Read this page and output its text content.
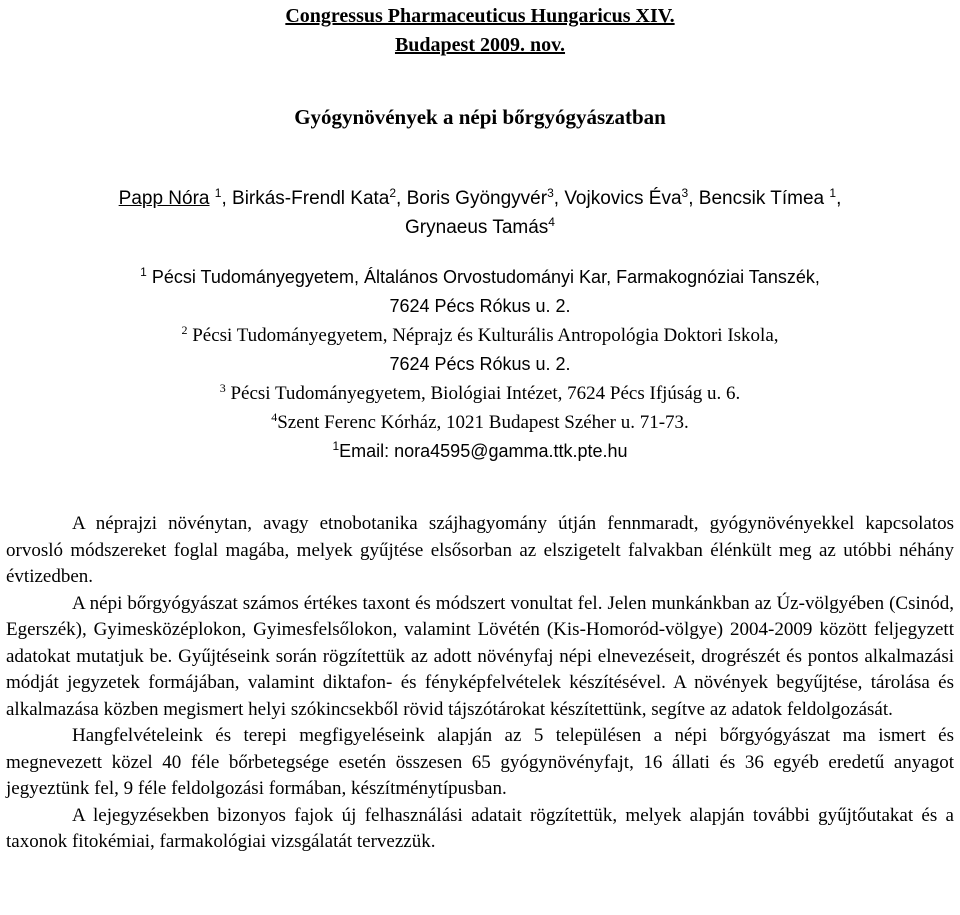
Congressus Pharmaceuticus Hungaricus XIV.
Budapest 2009. nov.
Gyógynövények a népi bőrgyógyászatban
Papp Nóra $^1$, Birkás-Frendl Kata$^2$, Boris Gyöngyvér$^3$, Vojkovics Éva$^3$, Bencsik Tímea $^1$,
Grynaeus Tamás$^4$
$^1$ Pécsi Tudományegyetem, Általános Orvostudományi Kar, Farmakognóziai Tanszék,
7624 Pécs Rókus u. 2.
$^2$ Pécsi Tudományegyetem, Néprajz és Kulturális Antropológia Doktori Iskola,
7624 Pécs Rókus u. 2.
$^3$ Pécsi Tudományegyetem, Biológiai Intézet, 7624 Pécs Ifjúság u. 6.
$^4$Szent Ferenc Kórház, 1021 Budapest Széher u. 71-73.
$^1$Email: nora4595@gamma.ttk.pte.hu

A néprajzi növénytan, avagy etnobotanika szájhagyomány útján fennmaradt, gyógynövényekkel kapcsolatos orvosló módszereket foglal magába, melyek gyűjtése elsősorban az elszigetelt falvakban élénkült meg az utóbbi néhány évtizedben.

A népi bőrgyógyászat számos értékes taxont és módszert vonultat fel. Jelen munkánkban az Úz-völgyében (Csinód, Egerszék), Gyimesközéplokon, Gyimesfelsőlokon, valamint Lövétén (Kis-Homoród-völgye) 2004-2009 között feljegyzett adatokat mutatjuk be. Gyűjtéseink során rögzítettük az adott növényfaj népi elnevezéseit, drogrészét és pontos alkalmazási módját jegyzetek formájában, valamint diktafon- és fényképfelvételek készítésével. A növények begyűjtése, tárolása és alkalmazása közben megismert helyi szókincsekből rövid tájszótárokat készítettünk, segítve az adatok feldolgozását.

Hangfelvételeink és terepi megfigyeléseink alapján az 5 településen a népi bőrgyógyászat ma ismert és megnevezett közel 40 féle bőrbetegsége esetén összesen 65 gyógynövényfajt, 16 állati és 36 egyéb eredetű anyagot jegyeztünk fel, 9 féle feldolgozási formában, készítménytípusban.

A lejegyzésekben bizonyos fajok új felhasználási adatait rögzítettük, melyek alapján további gyűjtőutakat és a taxonok fitokémiai, farmakológiai vizsgálatát tervezzük.
